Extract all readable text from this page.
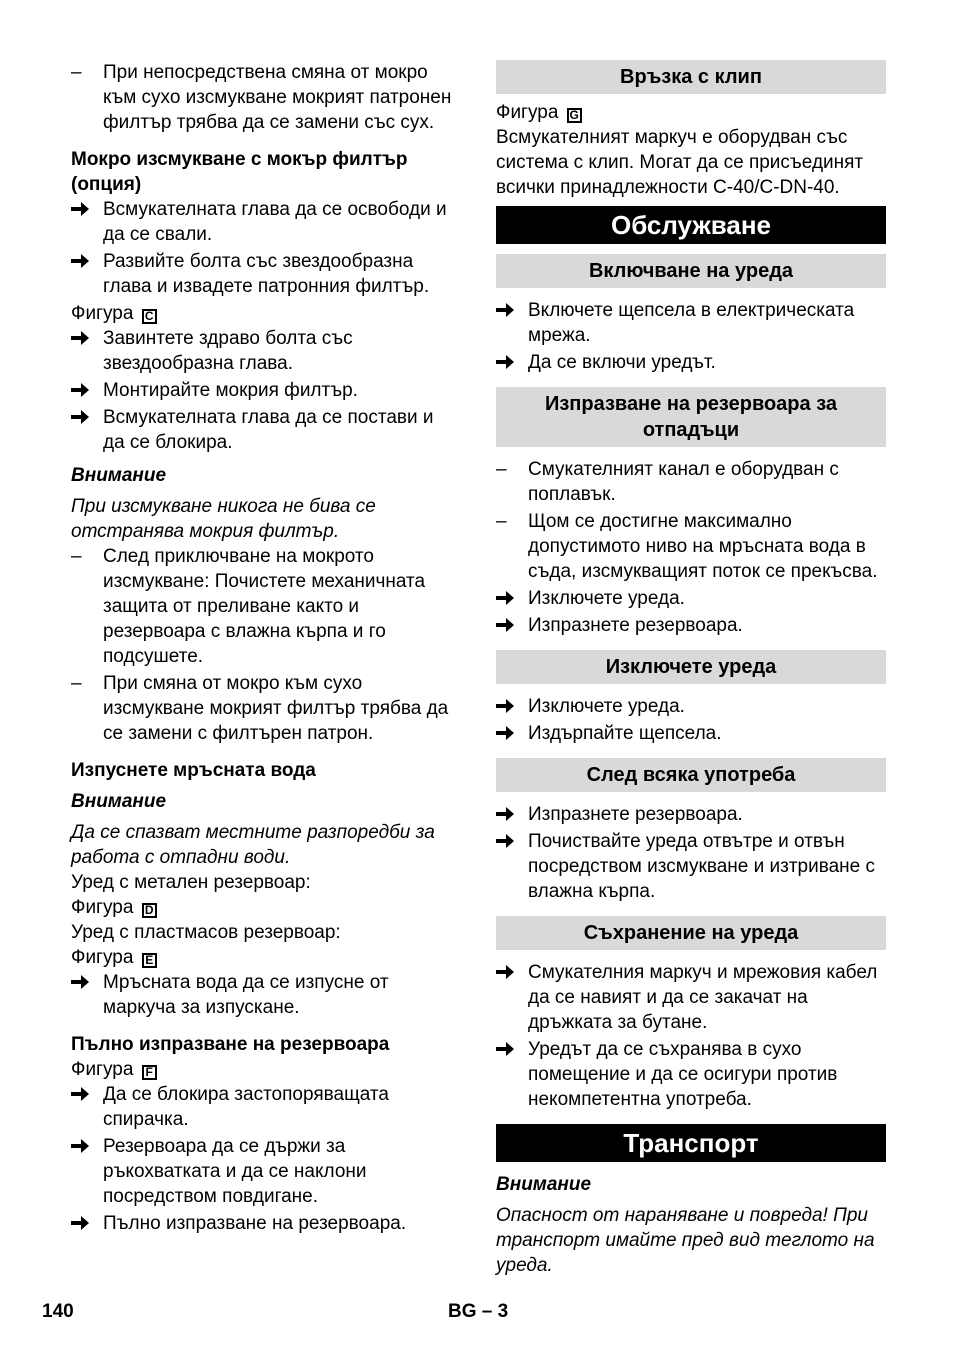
–	При непосредствена смяна от мокро към сухо изсмукване мокрият патронен филтър трябва да се замени със сух.

Мокро изсмукване с мокър филтър (опция)

Всмукателната глава да се освободи и да се свали.

Развийте болта със звездообразна глава и извадете патронния филтър.

Фигура C

Завинтете здраво болта със звездообразна глава.

Монтирайте мокрия филтър.

Всмукателната глава да се постави и да се блокира.

Внимание

При изсмукване никога не бива се отстранява мокрия филтър.

–	След приключване на мокрото изсмукване: Почистете механичната защита от преливане както и резервоара с влажна кърпа и го подсушете.

–	При смяна от мокро към сухо изсмукване мокрият филтър трябва да се замени с филтърен патрон.

Изпуснете мръсната вода

Внимание

Да се спазват местните разпоредби за работа с отпадни води.

Уред с метален резервоар:

Фигура D

Уред с пластмасов резервоар:

Фигура E

Мръсната вода да се изпусне от маркуча за изпускане.

Пълно изпразване на резервоара

Фигура F

Да се блокира застопоряващата спирачка.

Резервоара да се държи за ръкохватката и да се наклони посредством повдигане.

Пълно изпразване на резервоара.

Връзка с клип

Фигура G

Всмукателният маркуч е оборудван със система с клип. Могат да се присъединят всички принадлежности C-40/C-DN-40.

Обслужване
Включване на уреда

Включете щепсела в електрическата мрежа.

Да се включи уредът.

Изпразване на резервоара за отпадъци
–	Смукателният канал е оборудван с поплавък.

–	Щом се достигне максимално допустимото ниво на мръсната вода в съда, изсмукващият поток се прекъсва.

Изключете уреда.

Изпразнете резервоара.

Изключете уреда

Изключете уреда.

Издърпайте щепсела.

След всяка употреба

Изпразнете резервоара.

Почиствайте уреда отвътре и отвън посредством изсмукване и изтриване с влажна кърпа.

Съхранение на уреда

Смукателния маркуч и мрежовия кабел да се навият и да се закачат на дръжката за бутане.

Уредът да се съхранява в сухо помещение и да се осигури против некомпетентна употреба.

Транспорт

Внимание

Опасност от нараняване и повреда! При транспорт имайте пред вид теглото на уреда.

140	BG – 3
